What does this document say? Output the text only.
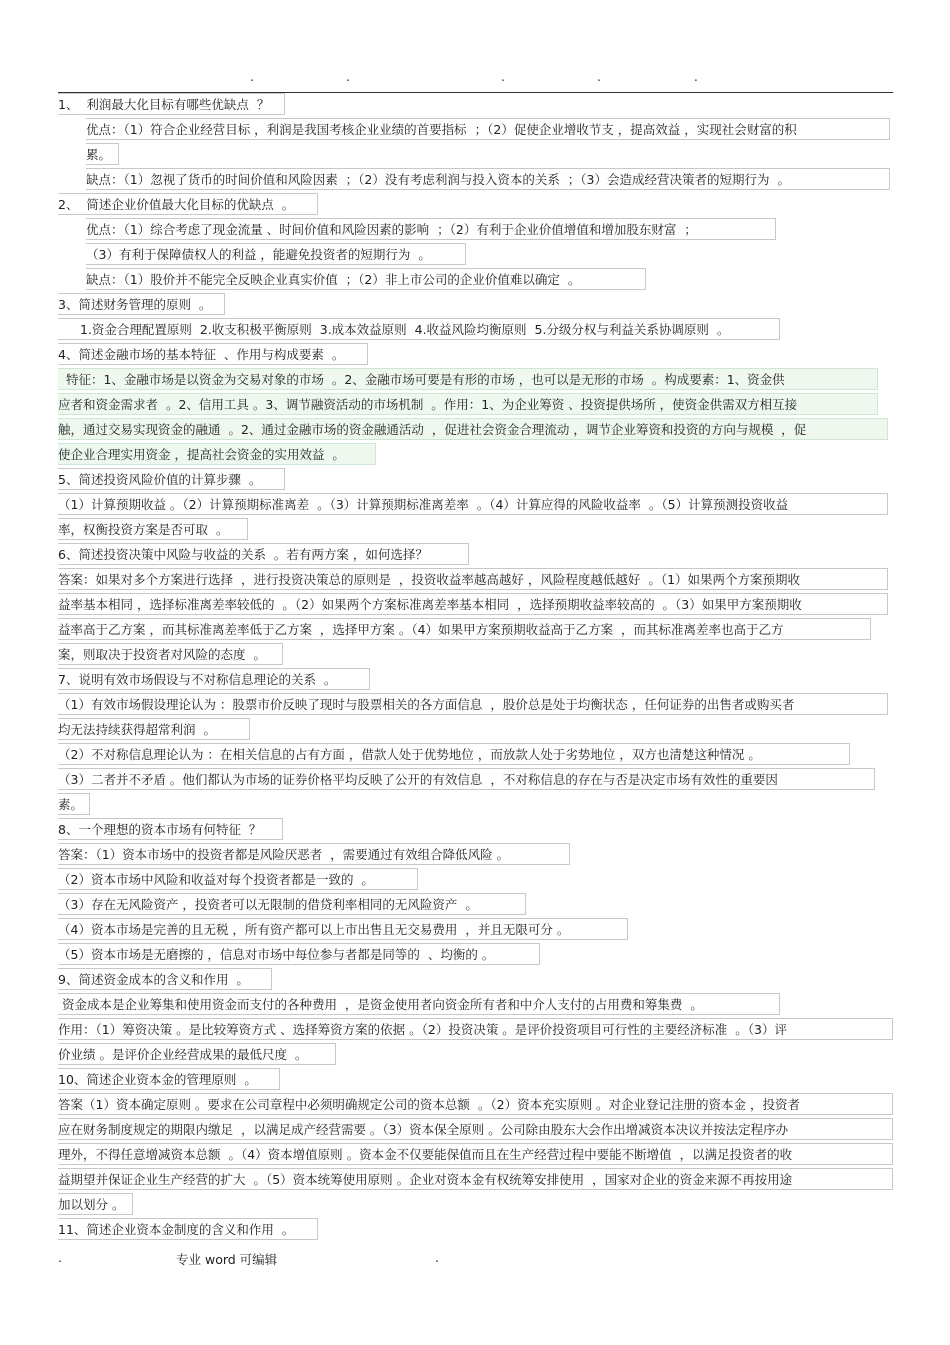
.	.	.	.	.
1、  利润最大化目标有哪些优缺点  ？
优点：（1）符合企业经营目标 ，利润是我国考核企业业绩的首要指标  ；（2）促使企业增收节支 ，提高效益 ，实现社会财富的积
累。
缺点：（1）忽视了货币的时间价值和风险因素  ；（2）没有考虑利润与投入资本的关系  ；（3）会造成经营决策者的短期行为  。
2、  简述企业价值最大化目标的优缺点  。
优点：（1）综合考虑了现金流量 、时间价值和风险因素的影响  ；（2）有利于企业价值增值和增加股东财富  ；
（3）有利于保障债权人的利益 ，能避免投资者的短期行为  。
缺点：（1）股价并不能完全反映企业真实价值  ；（2）非上市公司的企业价值难以确定  。
3、简述财务管理的原则  。
1.资金合理配置原则  2.收支积极平衡原则  3.成本效益原则  4.收益风险均衡原则  5.分级分权与利益关系协调原则  。
4、简述金融市场的基本特征  、作用与构成要素  。
特征：1、金融市场是以资金为交易对象的市场  。2、金融市场可要是有形的市场 ，也可以是无形的市场  。构成要素：1、资金供
应者和资金需求者  。2、信用工具 。3、调节融资活动的市场机制  。作用：1、为企业筹资 、投资提供场所 ，使资金供需双方相互接
触，通过交易实现资金的融通  。2、通过金融市场的资金融通活动  ，促进社会资金合理流动 ，调节企业筹资和投资的方向与规模  ，促
使企业合理实用资金 ，提高社会资金的实用效益  。
5、简述投资风险价值的计算步骤  。
（1）计算预期收益 。（2）计算预期标准离差  。（3）计算预期标准离差率  。（4）计算应得的风险收益率  。（5）计算预测投资收益
率，权衡投资方案是否可取  。
6、简述投资决策中风险与收益的关系  。若有两方案 ，如何选择？
答案：如果对多个方案进行选择  ，进行投资决策总的原则是  ，投资收益率越高越好 ，风险程度越低越好  。（1）如果两个方案预期收
益率基本相同 ，选择标准离差率较低的  。（2）如果两个方案标准离差率基本相同  ，选择预期收益率较高的  。（3）如果甲方案预期收
益率高于乙方案 ，而其标准离差率低于乙方案  ，选择甲方案 。（4）如果甲方案预期收益高于乙方案  ，而其标准离差率也高于乙方
案，则取决于投资者对风险的态度  。
7、说明有效市场假设与不对称信息理论的关系  。
（1）有效市场假设理论认为 ：股票市价反映了现时与股票相关的各方面信息  ，股价总是处于均衡状态 ，任何证券的出售者或购买者
均无法持续获得超常利润  。
（2）不对称信息理论认为 ：在相关信息的占有方面 ，借款人处于优势地位 ，而放款人处于劣势地位 ，双方也清楚这种情况 。
（3）二者并不矛盾 。他们都认为市场的证券价格平均反映了公开的有效信息  ，不对称信息的存在与否是决定市场有效性的重要因
素。
8、一个理想的资本市场有何特征  ？
答案：（1）资本市场中的投资者都是风险厌恶者  ，需要通过有效组合降低风险 。
（2）资本市场中风险和收益对每个投资者都是一致的  。
（3）存在无风险资产 ，投资者可以无限制的借贷利率相同的无风险资产  。
（4）资本市场是完善的且无税 ，所有资产都可以上市出售且无交易费用  ，并且无限可分 。
（5）资本市场是无磨擦的 ，信息对市场中每位参与者都是同等的  、均衡的 。
9、简述资金成本的含义和作用  。
资金成本是企业筹集和使用资金而支付的各种费用  ，是资金使用者向资金所有者和中介人支付的占用费和筹集费  。
作用：（1）筹资决策 。是比较筹资方式 、选择筹资方案的依据 。（2）投资决策 。是评价投资项目可行性的主要经济标准  。（3）评
价业绩 。是评价企业经营成果的最低尺度  。
10、简述企业资本金的管理原则  。
答案（1）资本确定原则 。要求在公司章程中必须明确规定公司的资本总额  。（2）资本充实原则 。对企业登记注册的资本金 ，投资者
应在财务制度规定的期限内缴足  ，以满足成产经营需要 。（3）资本保全原则 。公司除由股东大会作出增减资本决议并按法定程序办
理外，不得任意增减资本总额  。（4）资本增值原则 。资本金不仅要能保值而且在生产经营过程中要能不断增值  ，以满足投资者的收
益期望并保证企业生产经营的扩大  。（5）资本统筹使用原则 。企业对资本金有权统筹安排使用  ，国家对企业的资金来源不再按用途
加以划分 。
11、简述企业资本金制度的含义和作用  。
.	专业 word 可编辑	.
